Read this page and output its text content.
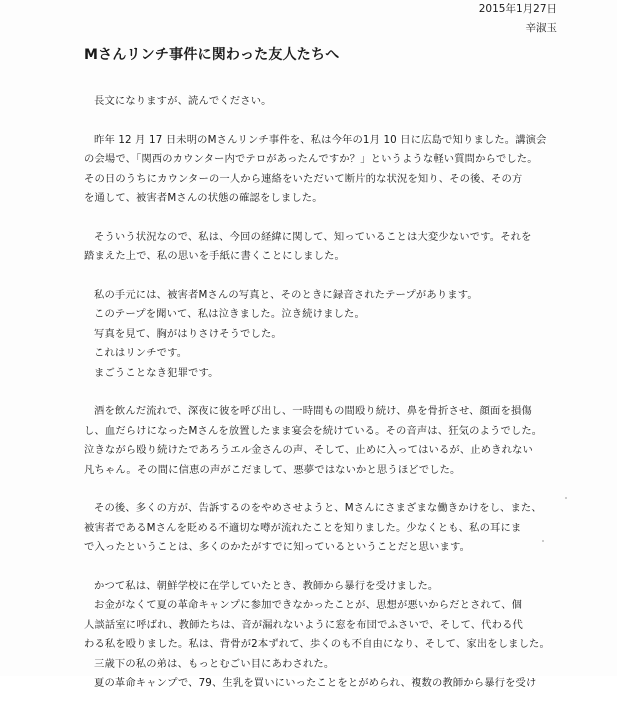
2015年1月27日
辛淑玉
Mさんリンチ事件に関わった友人たちへ

長文になりますが、読んでください。

昨年 12 月 17 日未明のMさんリンチ事件を、私は今年の1月 10 日に広島で知りました。講演会

の会場で、「関西のカウンター内でテロがあったんですか？」というような軽い質問からでした。

その日のうちにカウンターの一人から連絡をいただいて断片的な状況を知り、その後、その方

を通して、被害者Mさんの状態の確認をしました。

そういう状況なので、私は、今回の経緯に関して、知っていることは大変少ないです。それを

踏まえた上で、私の思いを手紙に書くことにしました。

私の手元には、被害者Mさんの写真と、そのときに録音されたテープがあります。

このテープを聞いて、私は泣きました。泣き続けました。

写真を見て、胸がはりさけそうでした。

これはリンチです。

まごうことなき犯罪です。

酒を飲んだ流れで、深夜に彼を呼び出し、一時間もの間殴り続け、鼻を骨折させ、顔面を損傷

し、血だらけになったMさんを放置したまま宴会を続けている。その音声は、狂気のようでした。

泣きながら殴り続けたであろうエル金さんの声、そして、止めに入ってはいるが、止めきれない

凡ちゃん。その間に信恵の声がこだまして、悪夢ではないかと思うほどでした。

その後、多くの方が、告訴するのをやめさせようと、Mさんにさまざまな働きかけをし、また、

被害者であるMさんを貶める不適切な噂が流れたことを知りました。少なくとも、私の耳にま

で入ったということは、多くのかたがすでに知っているということだと思います。

かつて私は、朝鮮学校に在学していたとき、教師から暴行を受けました。

お金がなくて夏の革命キャンプに参加できなかったことが、思想が悪いからだとされて、個

人談話室に呼ばれ、教師たちは、音が漏れないように窓を布団でふさいで、そして、代わる代

わる私を殴りました。私は、背骨が2本ずれて、歩くのも不自由になり、そして、家出をしました。

三歳下の私の弟は、もっとむごい目にあわされた。

夏の革命キャンプで、79、生乳を買いにいったことをとがめられ、複数の教師から暴行を受け
